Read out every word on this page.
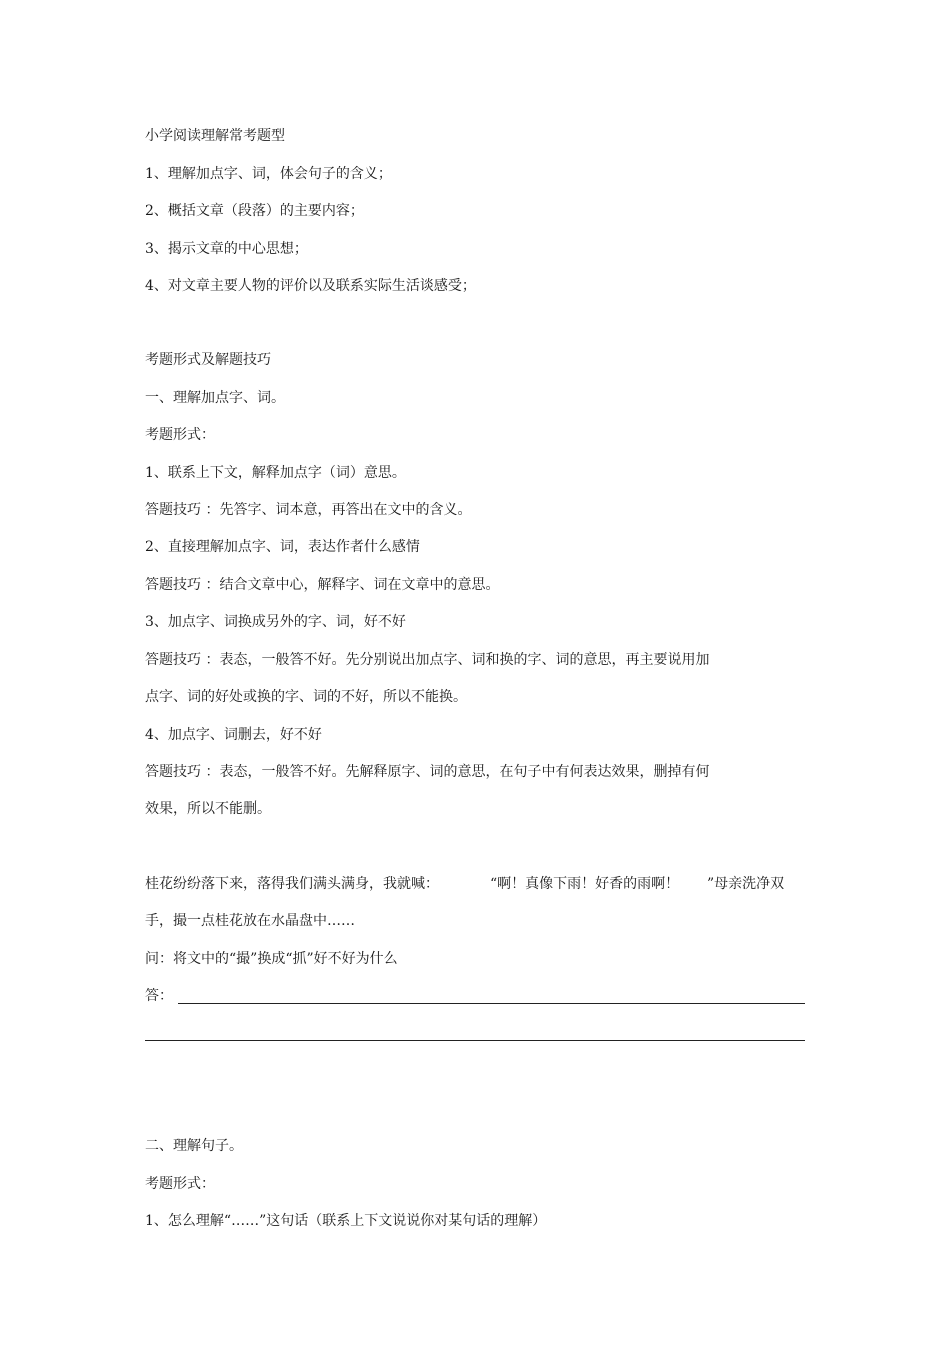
小学阅读理解常考题型

1、理解加点字、词，体会句子的含义；

2、概括文章（段落）的主要内容；

3、揭示文章的中心思想；

4、对文章主要人物的评价以及联系实际生活谈感受；

考题形式及解题技巧

一、理解加点字、词。

考题形式：

1、联系上下文，解释加点字（词）意思。

答题技巧 ：先答字、词本意，再答出在文中的含义。

2、直接理解加点字、词，表达作者什么感情

答题技巧 ：结合文章中心，解释字、词在文章中的意思。

3、加点字、词换成另外的字、词，好不好

答题技巧 ：表态，一般答不好。先分别说出加点字、词和换的字、词的意思，再主要说用加

点字、词的好处或换的字、词的不好，所以不能换。

4、加点字、词删去，好不好

答题技巧 ：表态，一般答不好。先解释原字、词的意思，在句子中有何表达效果，删掉有何

效果，所以不能删。

桂花纷纷落下来，落得我们满头满身，我就喊：	“啊！真像下雨！好香的雨啊！ ”母亲洗净双

手，撮一点桂花放在水晶盘中……

问：将文中的“撮”换成“抓”好不好为什么

答：

二、理解句子。

考题形式：

1、怎么理解“……”这句话（联系上下文说说你对某句话的理解）
